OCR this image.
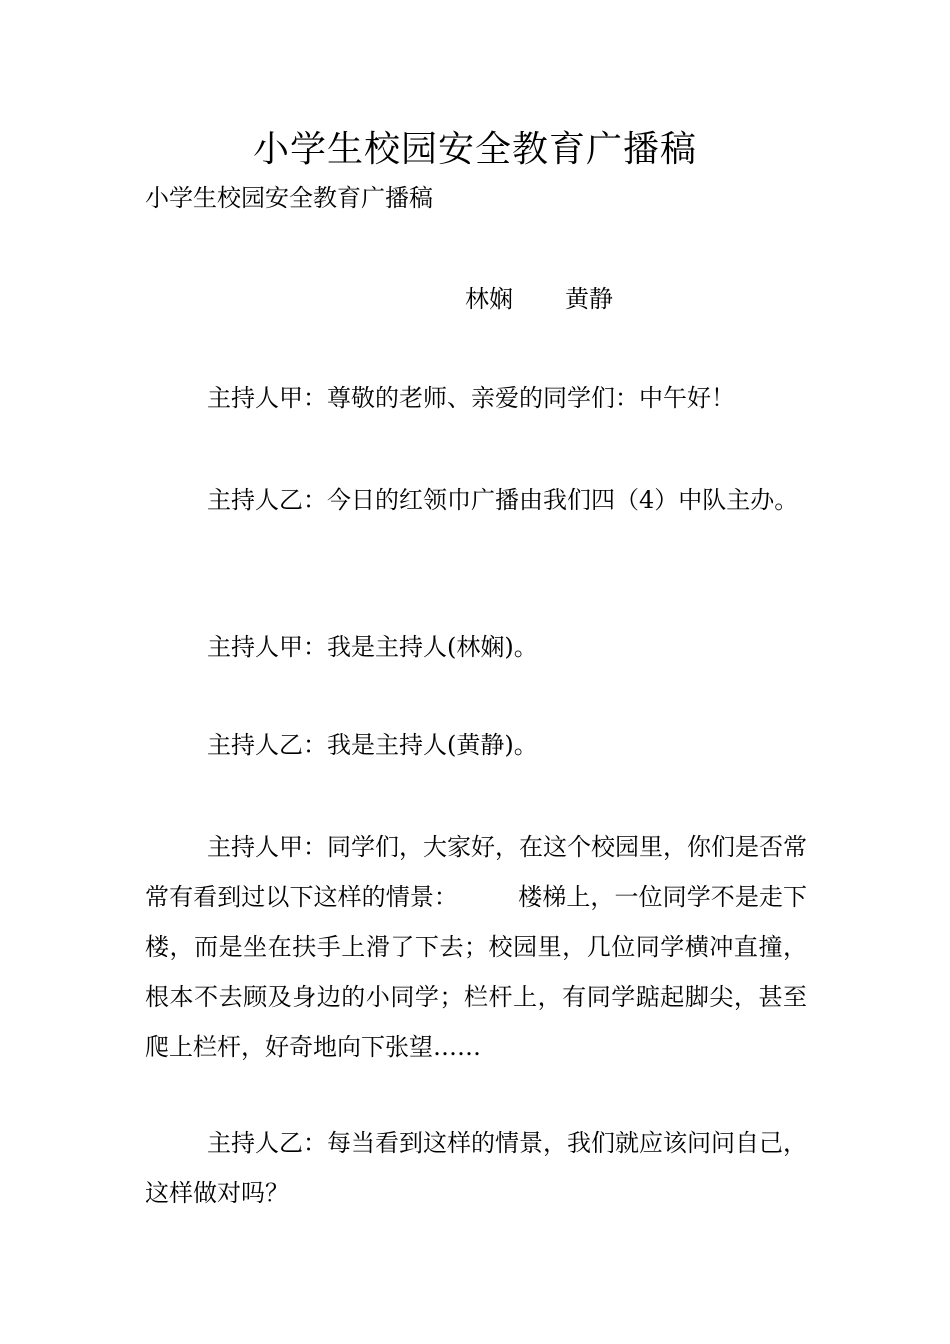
小学生校园安全教育广播稿
小学生校园安全教育广播稿
林娴 黄静

主持人甲：尊敬的老师、亲爱的同学们：中午好！

主持人乙：今日的红领巾广播由我们四（4）中队主办。

主持人甲：我是主持人(林娴)。

主持人乙：我是主持人(黄静)。

主持人甲：同学们，大家好，在这个校园里，你们是否常常有看到过以下这样的情景：　　　楼梯上，一位同学不是走下楼，而是坐在扶手上滑了下去；校园里，几位同学横冲直撞，根本不去顾及身边的小同学；栏杆上，有同学踮起脚尖，甚至爬上栏杆，好奇地向下张望……

主持人乙：每当看到这样的情景，我们就应该问问自己，这样做对吗？
